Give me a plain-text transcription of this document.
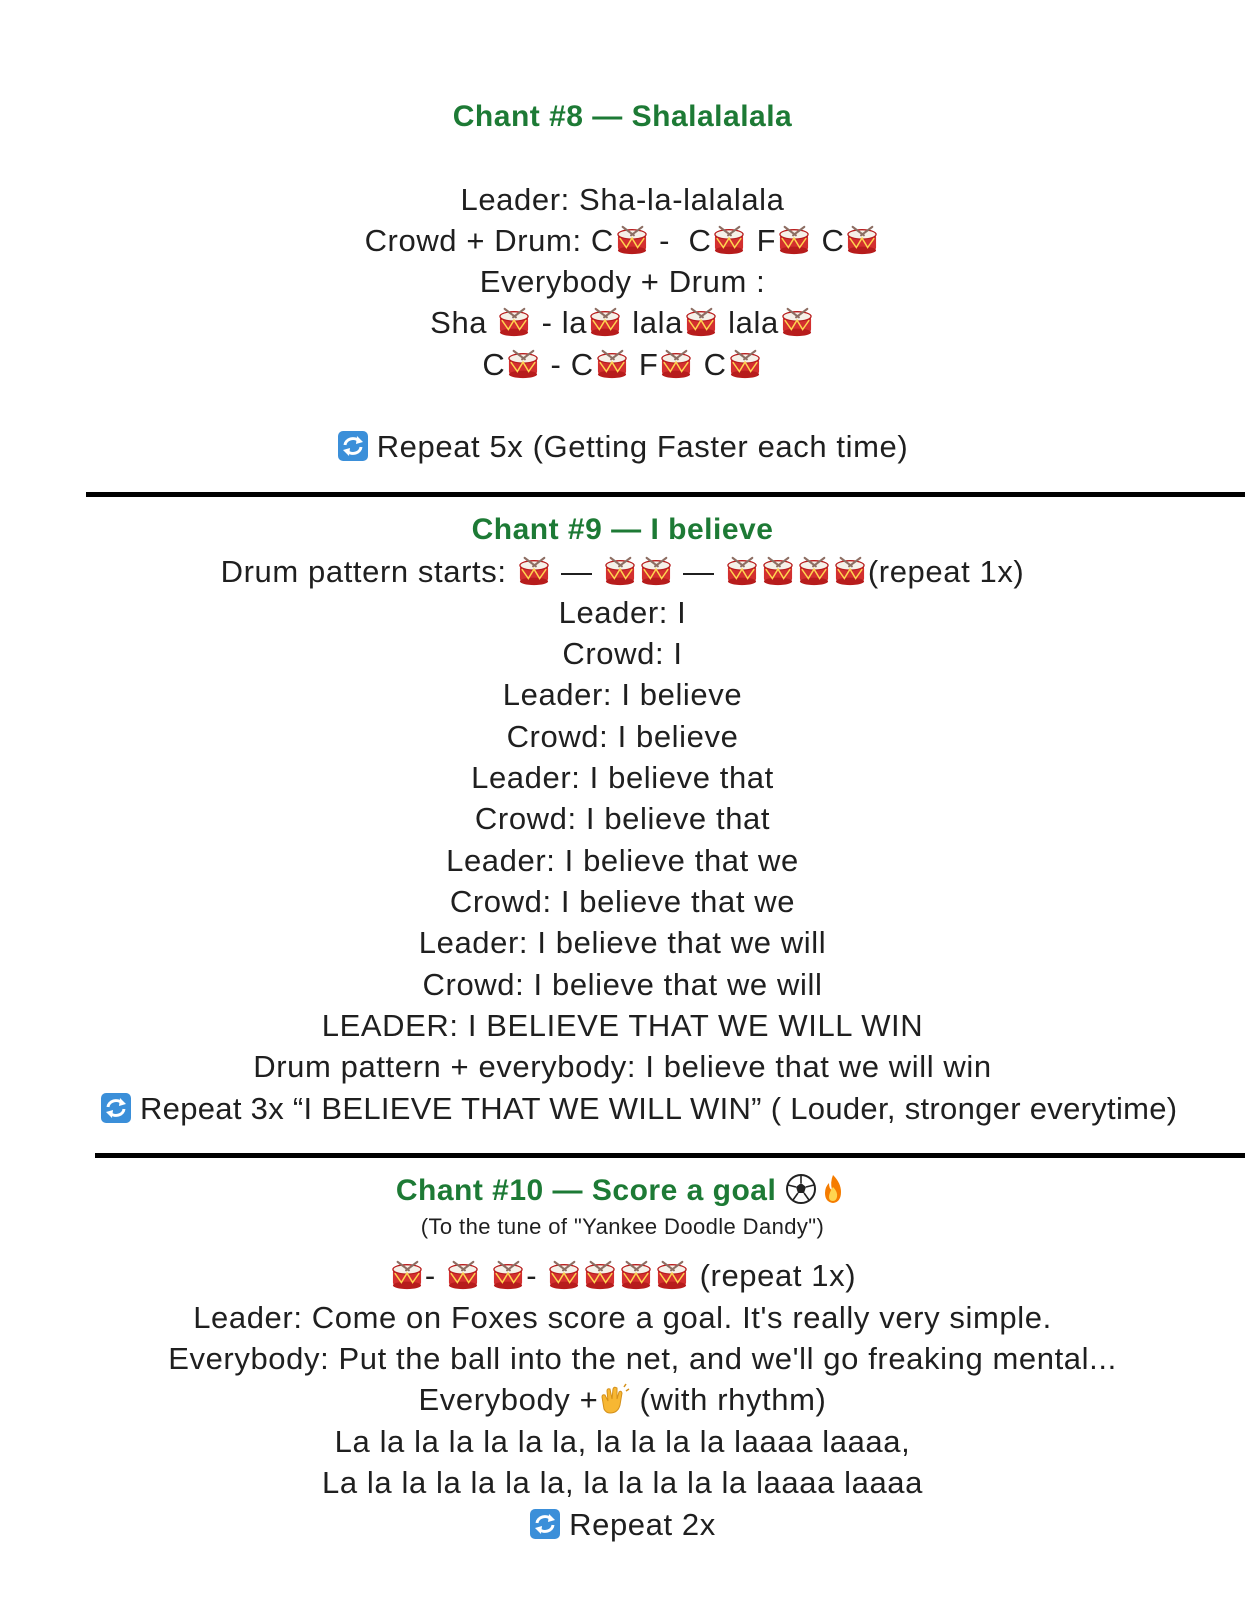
Chant #8 — Shalalalala
Leader: Sha-la-lalalala
Crowd + Drum: C - C F C
Everybody + Drum :
Sha - la lala lala
C - C F C
Repeat 5x (Getting Faster each time)
Chant #9 — I believe
Drum pattern starts: —	—	(repeat 1x)
Leader: I
Crowd: I
Leader: I believe
Crowd: I believe
Leader: I believe that
Crowd: I believe that
Leader: I believe that we
Crowd: I believe that we
Leader: I believe that we will
Crowd: I believe that we will
LEADER: I BELIEVE THAT WE WILL WIN
Drum pattern + everybody: I believe that we will win
Repeat 3x “I BELIEVE THAT WE WILL WIN” ( Louder, stronger everytime)
Chant #10 — Score a goal
(To the tune of "Yankee Doodle Dandy")
-	-	(repeat 1x)
Leader: Come on Foxes score a goal. It's really very simple.
Everybody: Put the ball into the net, and we'll go freaking mental...
Everybody + (with rhythm)
La la la la la la la, la la la la laaaa laaaa,
La la la la la la la, la la la la la laaaa laaaa
Repeat 2x
